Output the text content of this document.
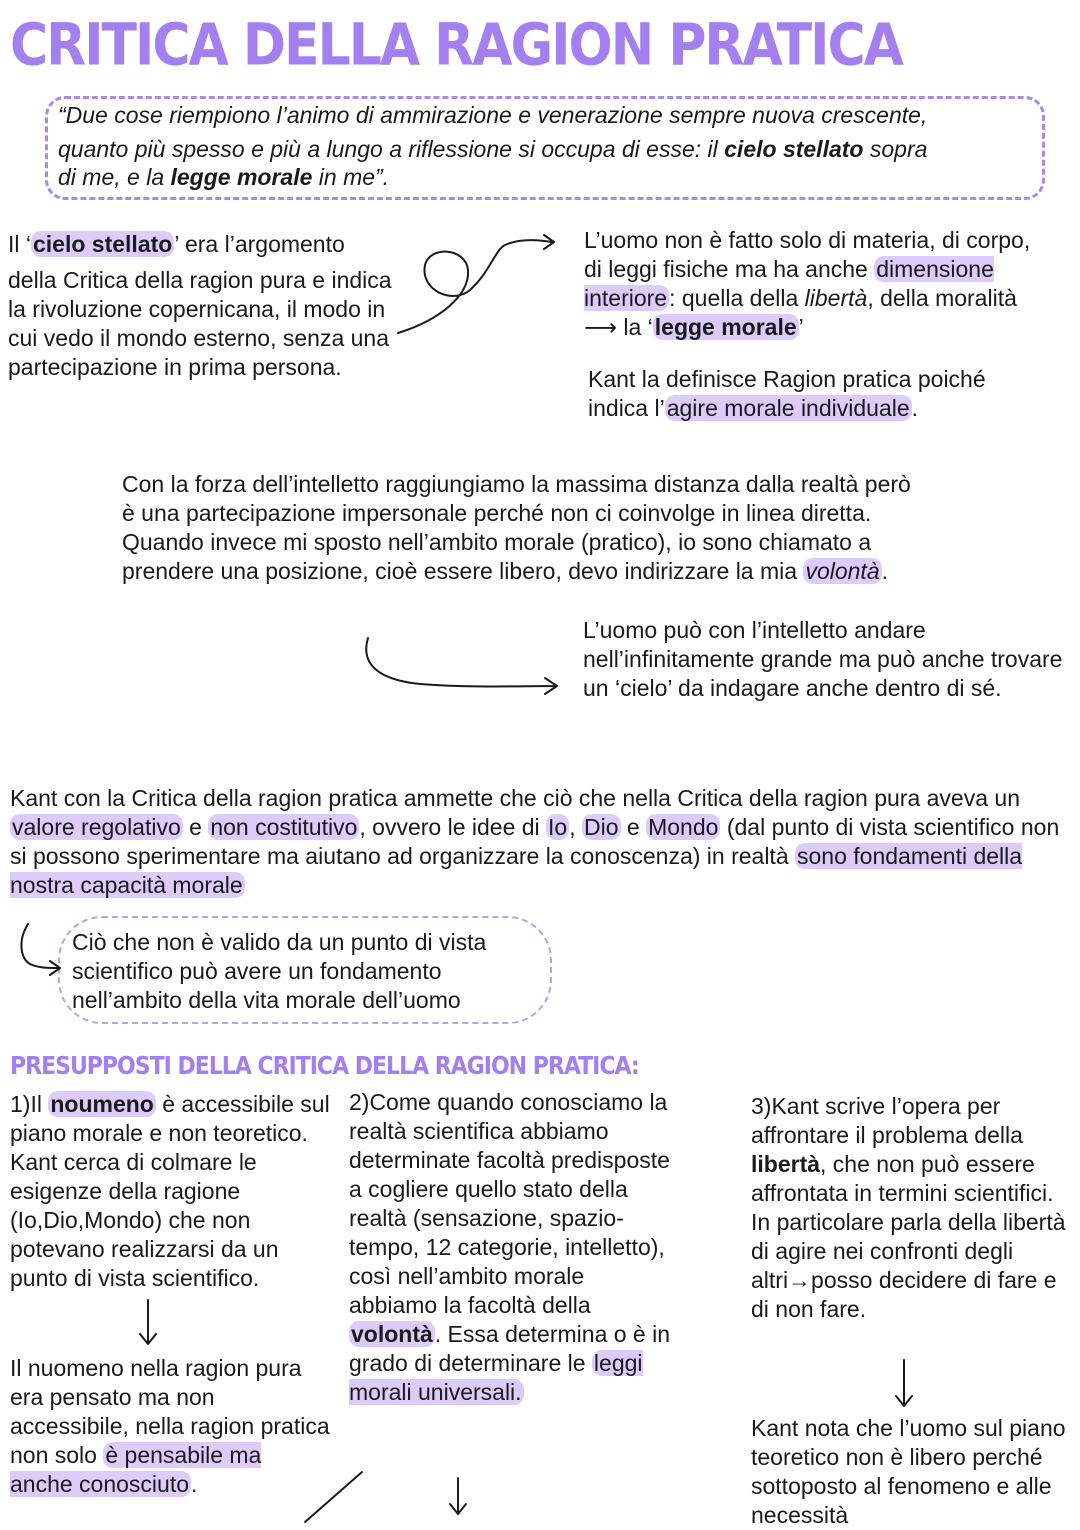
CRITICA DELLA RAGION PRATICA
“Due cose riempiono l’animo di ammirazione e venerazione sempre nuova crescente,
quanto più spesso e più a lungo a riflessione si occupa di esse: il cielo stellato sopra
di me, e la legge morale in me”.

Il ‘cielo stellato’ era l’argomento
della Critica della ragion pura e indica la rivoluzione copernicana, il modo in cui vedo il mondo esterno, senza una partecipazione in prima persona.

L’uomo non è fatto solo di materia, di corpo, di leggi fisiche ma ha anche dimensione interiore: quella della libertà, della moralità ⟶ la ‘legge morale’

Kant la definisce Ragion pratica poiché indica l’agire morale individuale.

Con la forza dell’intelletto raggiungiamo la massima distanza dalla realtà però è una partecipazione impersonale perché non ci coinvolge in linea diretta. Quando invece mi sposto nell’ambito morale (pratico), io sono chiamato a prendere una posizione, cioè essere libero, devo indirizzare la mia volontà.

L’uomo può con l’intelletto andare nell’infinitamente grande ma può anche trovare un ‘cielo’ da indagare anche dentro di sé.

Kant con la Critica della ragion pratica ammette che ciò che nella Critica della ragion pura aveva un valore regolativo e non costitutivo, ovvero le idee di Io, Dio e Mondo (dal punto di vista scientifico non si possono sperimentare ma aiutano ad organizzare la conoscenza) in realtà sono fondamenti della nostra capacità morale

Ciò che non è valido da un punto di vista scientifico può avere un fondamento nell’ambito della vita morale dell’uomo

PRESUPPOSTI DELLA CRITICA DELLA RAGION PRATICA:

1)Il noumeno è accessibile sul piano morale e non teoretico. Kant cerca di colmare le esigenze della ragione (Io,Dio,Mondo) che non potevano realizzarsi da un punto di vista scientifico.

Il nuomeno nella ragion pura era pensato ma non accessibile, nella ragion pratica non solo è pensabile ma anche conosciuto.

2)Come quando conosciamo la realtà scientifica abbiamo determinate facoltà predisposte a cogliere quello stato della realtà (sensazione, spazio-tempo, 12 categorie, intelletto), così nell’ambito morale abbiamo la facoltà della volontà. Essa determina o è in grado di determinare le leggi morali universali.

3)Kant scrive l’opera per affrontare il problema della libertà, che non può essere affrontata in termini scientifici.

In particolare parla della libertà di agire nei confronti degli altri→posso decidere di fare e di non fare.

Kant nota che l’uomo sul piano teoretico non è libero perché sottoposto al fenomeno e alle necessità
